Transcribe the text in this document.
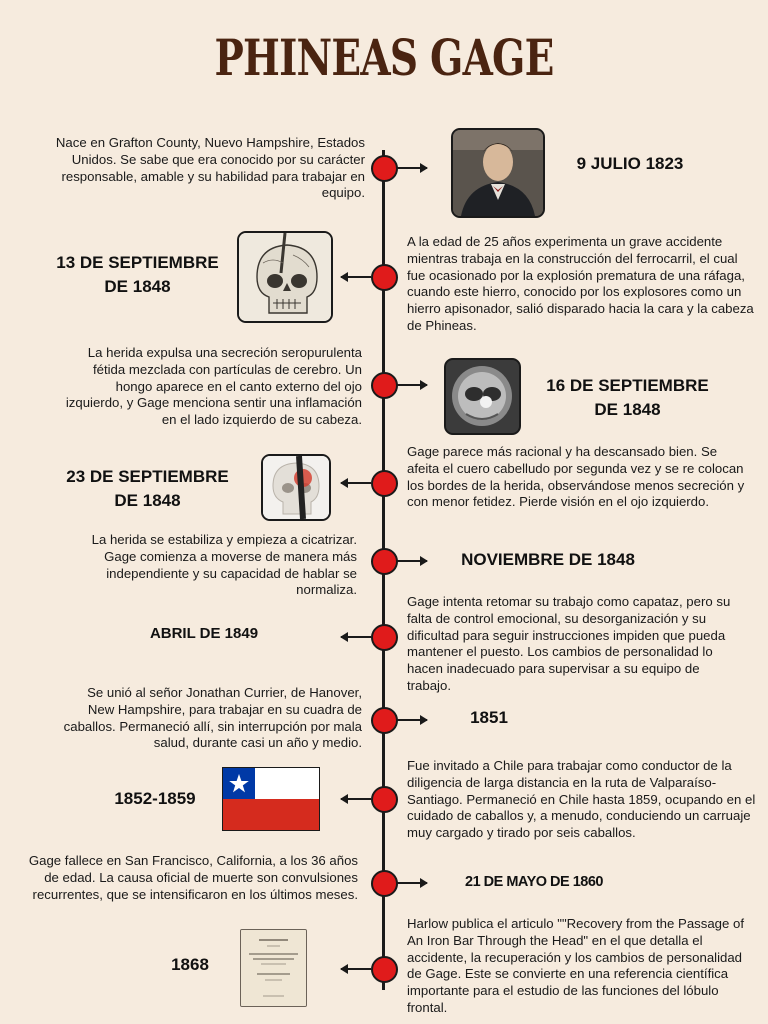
PHINEAS GAGE
Nace en Grafton County, Nuevo Hampshire, Estados Unidos. Se sabe que era conocido por su carácter responsable, amable y su habilidad para trabajar en equipo.
9 JULIO 1823
13 DE SEPTIEMBRE DE 1848
A la edad de 25 años experimenta un grave accidente mientras trabaja en la construcción del ferrocarril, el cual fue ocasionado por la explosión prematura de una ráfaga, cuando este hierro, conocido por los explosores como un hierro apisonador, salió disparado hacia la cara y la cabeza de Phineas.
La herida expulsa una secreción seropurulenta fétida mezclada con partículas de cerebro. Un hongo aparece en el canto externo del ojo izquierdo, y Gage menciona sentir una inflamación en el lado izquierdo de su cabeza.
16 DE SEPTIEMBRE DE 1848
23 DE SEPTIEMBRE DE 1848
Gage parece más racional y ha descansado bien. Se afeita el cuero cabelludo por segunda vez y se re colocan los bordes de la herida, observándose menos secreción y con menor fetidez. Pierde visión en el ojo izquierdo.
La herida se estabiliza y empieza a cicatrizar. Gage comienza a moverse de manera más independiente y su capacidad de hablar se normaliza.
NOVIEMBRE DE 1848
ABRIL DE 1849
Gage intenta retomar su trabajo como capataz, pero su falta de control emocional, su desorganización y su dificultad para seguir instrucciones impiden que pueda mantener el puesto. Los cambios de personalidad lo hacen inadecuado para supervisar a su equipo de trabajo.
Se unió al señor Jonathan Currier, de Hanover, New Hampshire, para trabajar en su cuadra de caballos. Permaneció allí, sin interrupción por mala salud, durante casi un año y medio.
1851
1852-1859
Fue invitado a Chile para trabajar como conductor de la diligencia de larga distancia en la ruta de Valparaíso-Santiago. Permaneció en Chile hasta 1859, ocupando en el cuidado de caballos y, a menudo, conduciendo un carruaje muy cargado y tirado por seis caballos.
Gage fallece en San Francisco, California, a los 36 años de edad. La causa oficial de muerte son convulsiones recurrentes, que se intensificaron en los últimos meses.
21 DE MAYO DE 1860
1868
Harlow publica el articulo ""Recovery from the Passage of An Iron Bar Through the Head" en el que detalla el accidente, la recuperación y los cambios de personalidad de Gage. Este se convierte en una referencia científica importante para el estudio de las funciones del lóbulo frontal.
